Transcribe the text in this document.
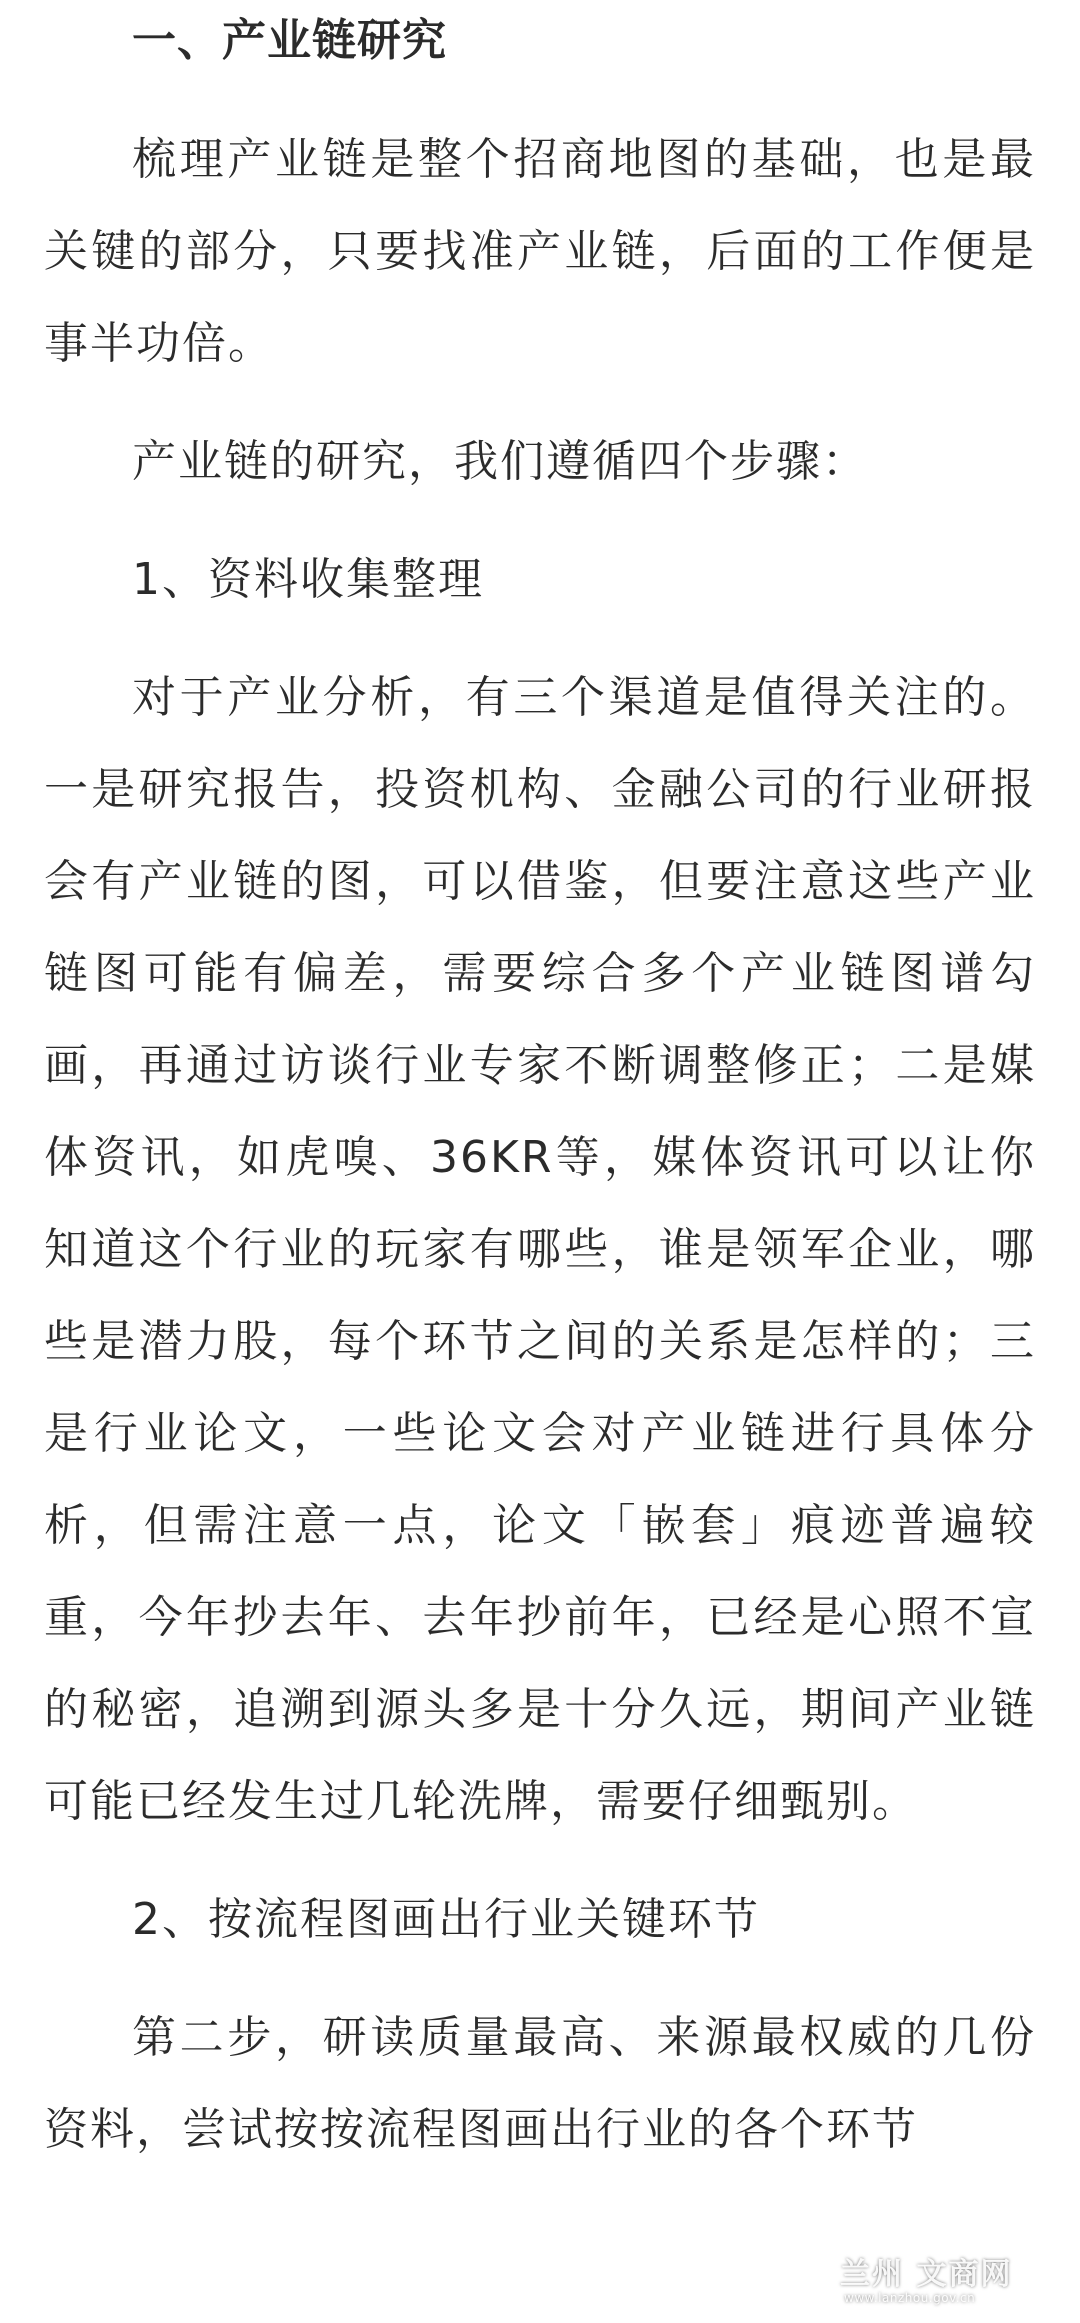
一、产业链研究

梳理产业链是整个招商地图的基础，也是最关键的部分，只要找准产业链，后面的工作便是事半功倍。

产业链的研究，我们遵循四个步骤：

1、资料收集整理

对于产业分析，有三个渠道是值得关注的。一是研究报告，投资机构、金融公司的行业研报会有产业链的图，可以借鉴，但要注意这些产业链图可能有偏差，需要综合多个产业链图谱勾画，再通过访谈行业专家不断调整修正；二是媒体资讯，如虎嗅、36KR等，媒体资讯可以让你知道这个行业的玩家有哪些，谁是领军企业，哪些是潜力股，每个环节之间的关系是怎样的；三是行业论文，一些论文会对产业链进行具体分析，但需注意一点，论文「嵌套」痕迹普遍较重，今年抄去年、去年抄前年，已经是心照不宣的秘密，追溯到源头多是十分久远，期间产业链可能已经发生过几轮洗牌，需要仔细甄别。

2、按流程图画出行业关键环节

第二步，研读质量最高、来源最权威的几份资料，尝试按按流程图画出行业的各个环节

兰州 文商网
www.lanzhou.gov.cn
